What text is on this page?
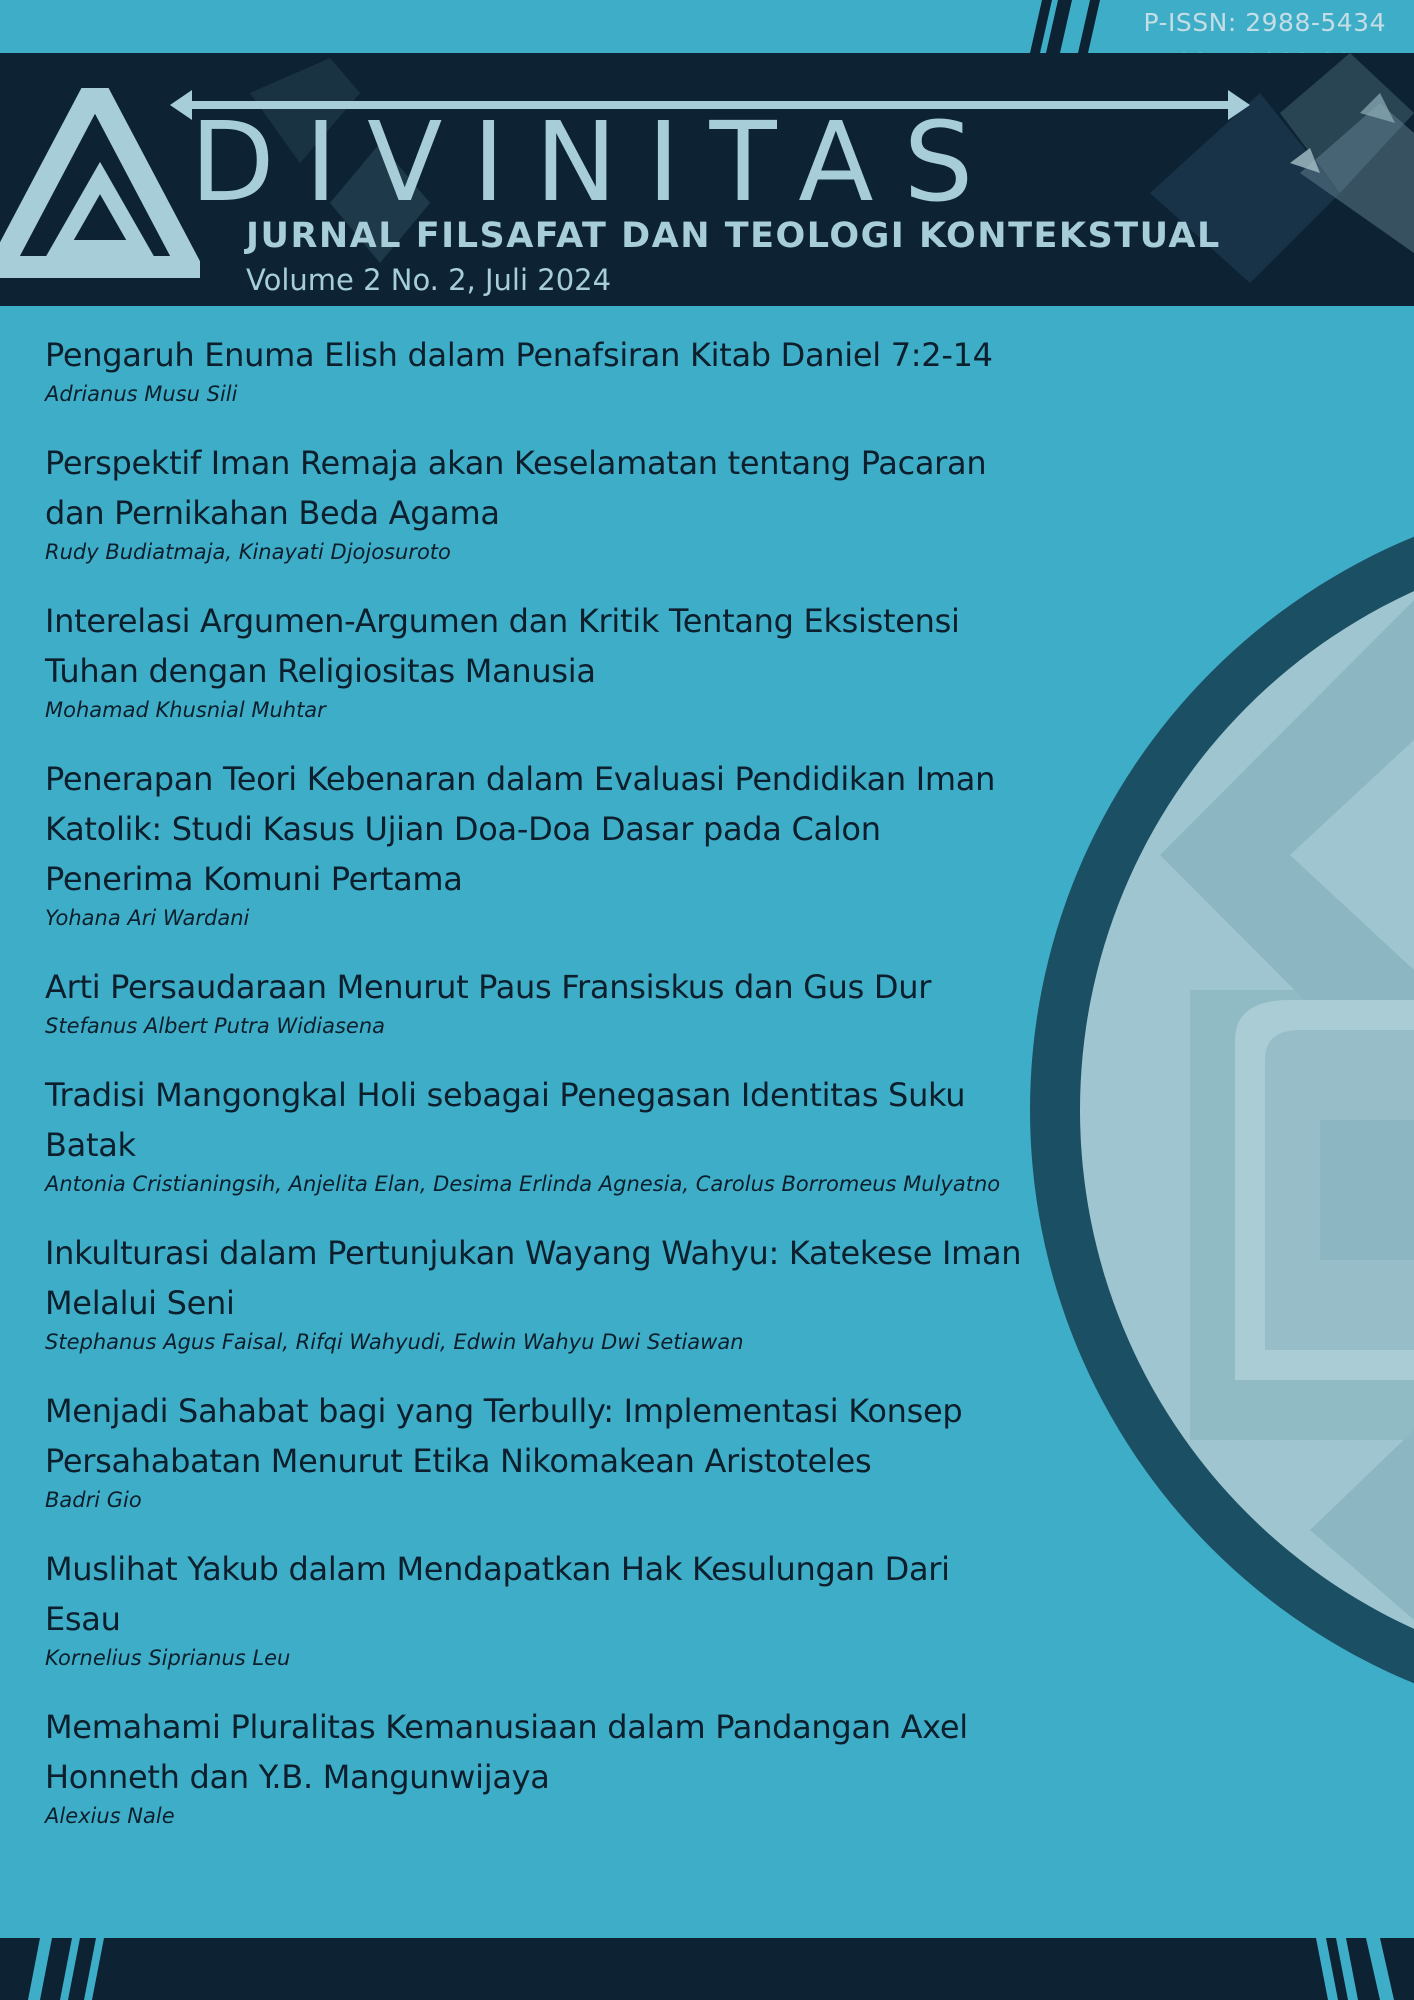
P-ISSN: 2988-5434
DIVINITAS
JURNAL FILSAFAT DAN TEOLOGI KONTEKSTUAL
Volume 2 No. 2, Juli 2024
Pengaruh Enuma Elish dalam Penafsiran Kitab Daniel 7:2-14
Adrianus Musu Sili
Perspektif Iman Remaja akan Keselamatan tentang Pacaran dan Pernikahan Beda Agama
Rudy Budiatmaja, Kinayati Djojosuroto
Interelasi Argumen-Argumen dan Kritik Tentang Eksistensi Tuhan dengan Religiositas Manusia
Mohamad Khusnial Muhtar
Penerapan Teori Kebenaran dalam Evaluasi Pendidikan Iman Katolik: Studi Kasus Ujian Doa-Doa Dasar pada Calon Penerima Komuni Pertama
Yohana Ari Wardani
Arti Persaudaraan Menurut Paus Fransiskus dan Gus Dur
Stefanus Albert Putra Widiasena
Tradisi Mangongkal Holi sebagai Penegasan Identitas Suku Batak
Antonia Cristianingsih, Anjelita Elan, Desima Erlinda Agnesia, Carolus Borromeus Mulyatno
Inkulturasi dalam Pertunjukan Wayang Wahyu: Katekese Iman Melalui Seni
Stephanus Agus Faisal, Rifqi Wahyudi, Edwin Wahyu Dwi Setiawan
Menjadi Sahabat bagi yang Terbully: Implementasi Konsep Persahabatan Menurut Etika Nikomakean Aristoteles
Badri Gio
Muslihat Yakub dalam Mendapatkan Hak Kesulungan Dari Esau
Kornelius Siprianus Leu
Memahami Pluralitas Kemanusiaan dalam Pandangan Axel Honneth dan Y.B. Mangunwijaya
Alexius Nale
